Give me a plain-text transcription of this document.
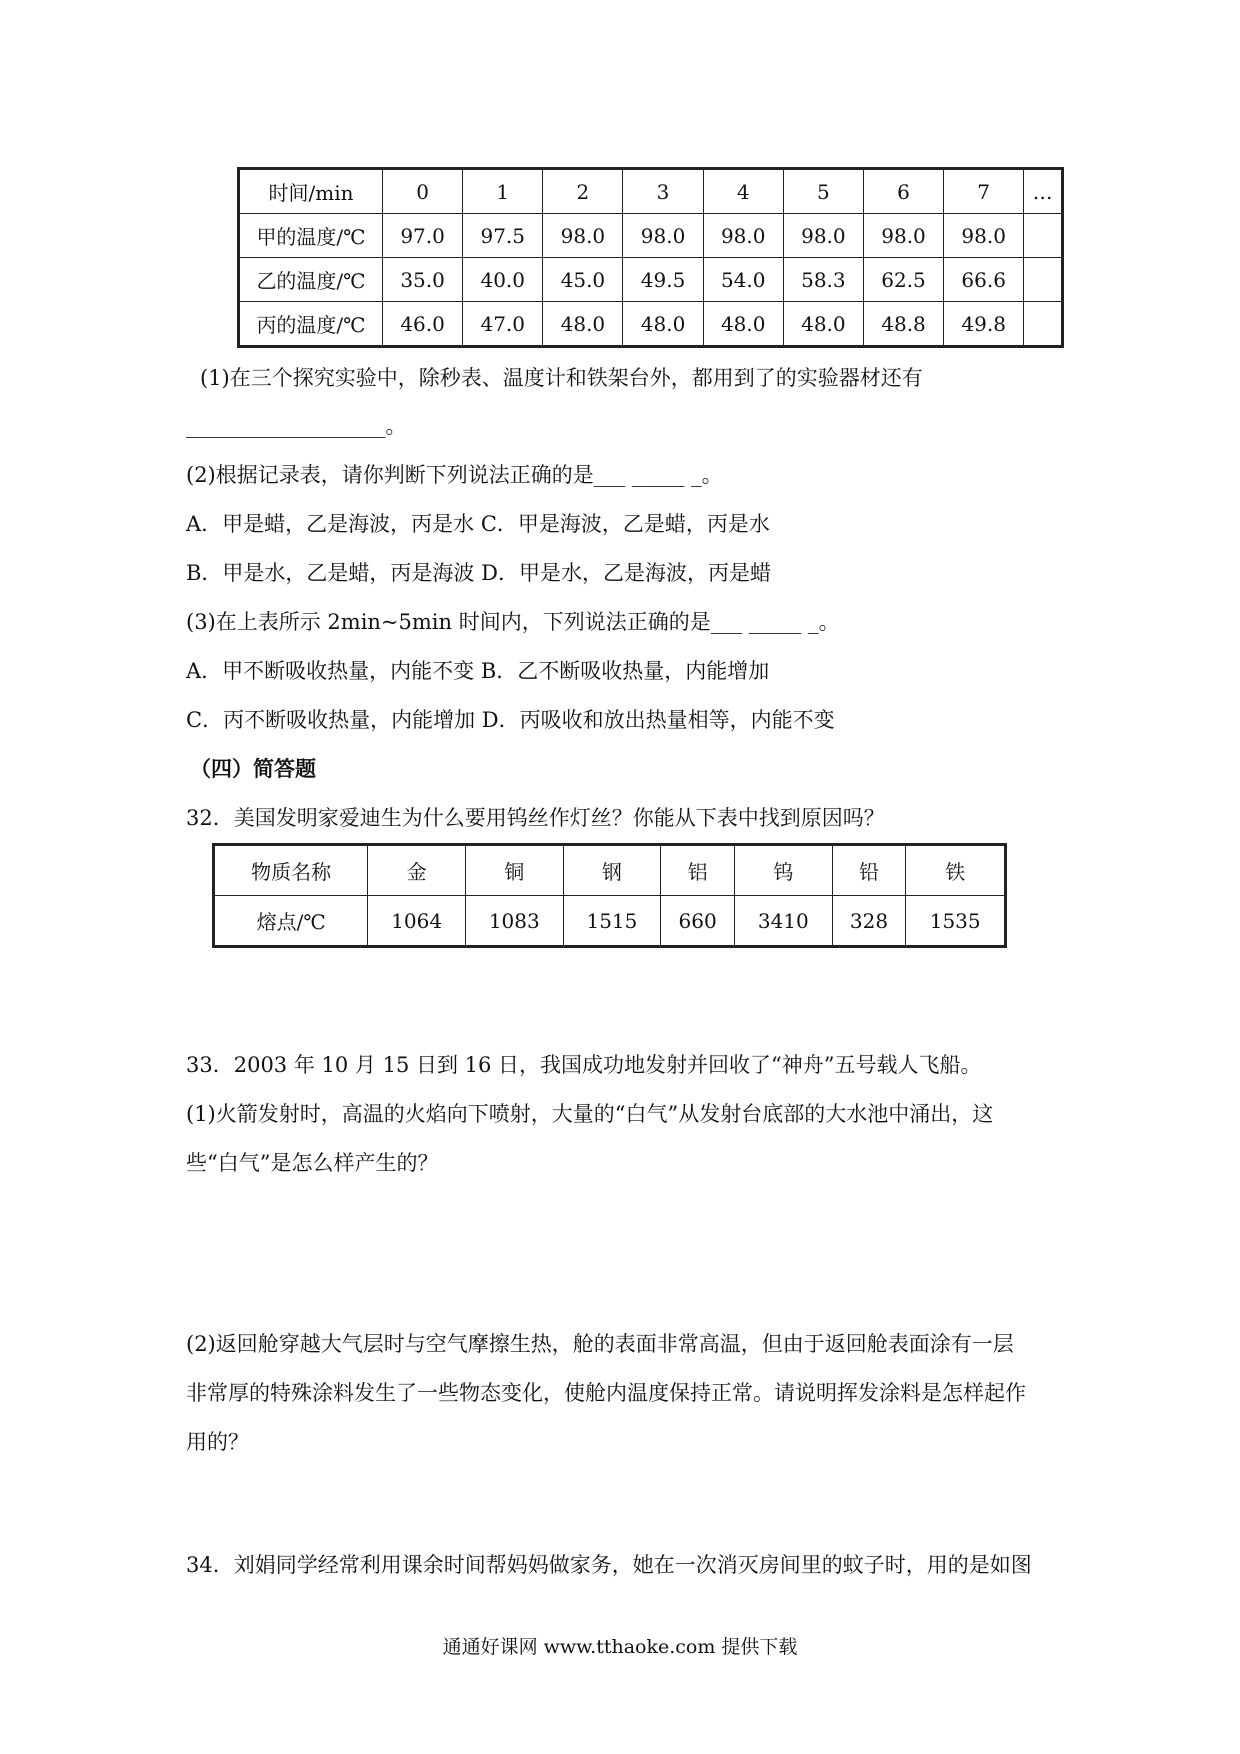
时间/min	0	1	2	3	4	5	6	7	…
甲的温度/℃	97.0	97.5	98.0	98.0	98.0	98.0	98.0	98.0	
乙的温度/℃	35.0	40.0	45.0	49.5	54.0	58.3	62.5	66.6	
丙的温度/℃	46.0	47.0	48.0	48.0	48.0	48.0	48.8	49.8	
(1)在三个探究实验中，除秒表、温度计和铁架台外，都用到了的实验器材还有
___________________。
(2)根据记录表，请你判断下列说法正确的是___ _____ _。
A．甲是蜡，乙是海波，丙是水 C．甲是海波，乙是蜡，丙是水
B．甲是水，乙是蜡，丙是海波 D．甲是水，乙是海波，丙是蜡
(3)在上表所示 2min~5min 时间内，下列说法正确的是___ _____ _。
A．甲不断吸收热量，内能不变 B．乙不断吸收热量，内能增加
C．丙不断吸收热量，内能增加 D．丙吸收和放出热量相等，内能不变
（四）简答题
32．美国发明家爱迪生为什么要用钨丝作灯丝？你能从下表中找到原因吗？
物质名称	金	铜	钢	铝	钨	铅	铁
熔点/℃	1064	1083	1515	660	3410	328	1535
33．2003 年 10 月 15 日到 16 日，我国成功地发射并回收了“神舟”五号载人飞船。
(1)火箭发射时，高温的火焰向下喷射，大量的“白气”从发射台底部的大水池中涌出，这
些“白气”是怎么样产生的？
(2)返回舱穿越大气层时与空气摩擦生热，舱的表面非常高温，但由于返回舱表面涂有一层
非常厚的特殊涂料发生了一些物态变化，使舱内温度保持正常。请说明挥发涂料是怎样起作
用的？
34．刘娟同学经常利用课余时间帮妈妈做家务，她在一次消灭房间里的蚊子时，用的是如图
通通好课网 www.tthaoke.com 提供下载
